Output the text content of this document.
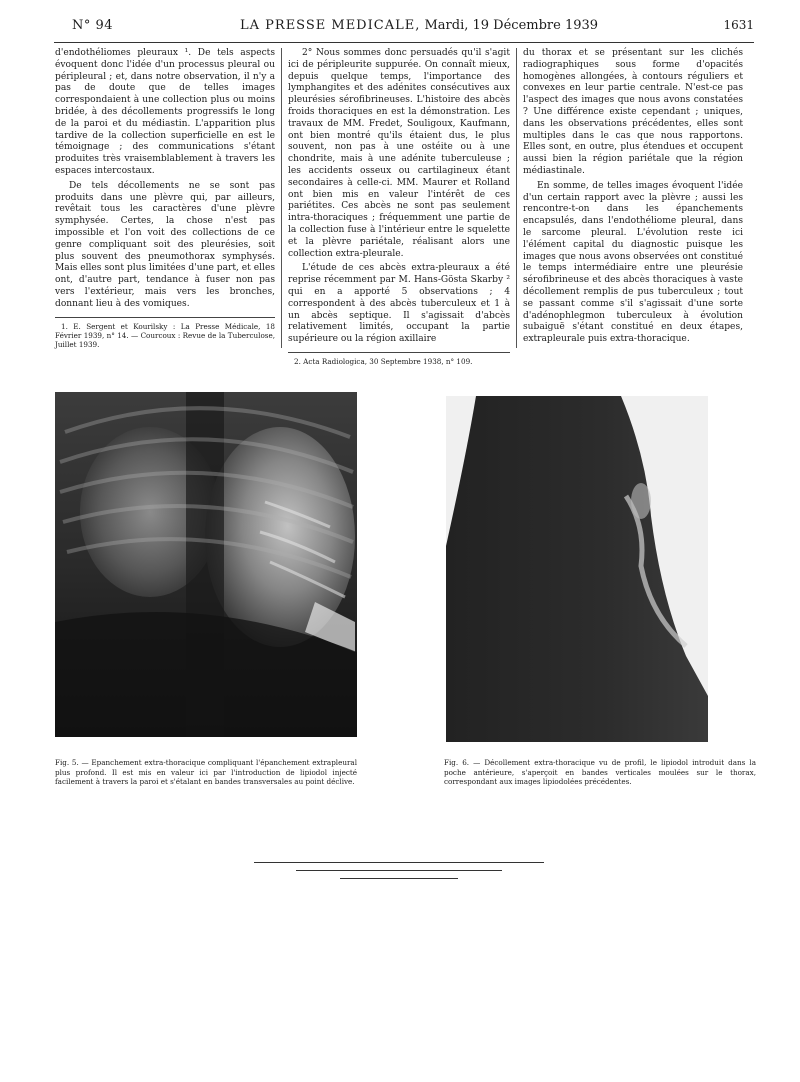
N° 94	LA PRESSE MEDICALE, Mardi, 19 Décembre 1939	1631

d'endothéliomes pleuraux ¹. De tels aspects évoquent donc l'idée d'un processus pleural ou péripleural ; et, dans notre observation, il n'y a pas de doute que de telles images correspondaient à une collection plus ou moins bridée, à des décollements progressifs le long de la paroi et du médiastin. L'apparition plus tardive de la collection superficielle en est le témoignage ; des communications s'étant produites très vraisemblablement à travers les espaces intercostaux.

De tels décollements ne se sont pas produits dans une plèvre qui, par ailleurs, revêtait tous les caractères d'une plèvre symphysée. Certes, la chose n'est pas impossible et l'on voit des collections de ce genre compliquant soit des pleurésies, soit plus souvent des pneumothorax symphysés. Mais elles sont plus limitées d'une part, et elles ont, d'autre part, tendance à fuser non pas vers l'extérieur, mais vers les bronches, donnant lieu à des vomiques.

1. E. Sergent et Kourilsky : La Presse Médicale, 18 Février 1939, n° 14. — Courcoux : Revue de la Tuberculose, Juillet 1939.

2° Nous sommes donc persuadés qu'il s'agit ici de péripleurite suppurée. On connaît mieux, depuis quelque temps, l'importance des lymphangites et des adénites consécutives aux pleurésies sérofibrineuses. L'histoire des abcès froids thoraciques en est la démonstration. Les travaux de MM. Fredet, Souligoux, Kaufmann, ont bien montré qu'ils étaient dus, le plus souvent, non pas à une ostéite ou à une chondrite, mais à une adénite tuberculeuse ; les accidents osseux ou cartilagineux étant secondaires à celle-ci. MM. Maurer et Rolland ont bien mis en valeur l'intérêt de ces pariétites. Ces abcès ne sont pas seulement intra-thoraciques ; fréquemment une partie de la collection fuse à l'intérieur entre le squelette et la plèvre pariétale, réalisant alors une collection extra-pleurale.

L'étude de ces abcès extra-pleuraux a été reprise récemment par M. Hans-Gösta Skarby ² qui en a apporté 5 observations ; 4 correspondent à des abcès tuberculeux et 1 à un abcès septique. Il s'agissait d'abcès relativement limités, occupant la partie supérieure ou la région axillaire

2. Acta Radiologica, 30 Septembre 1938, n° 109.

du thorax et se présentant sur les clichés radiographiques sous forme d'opacités homogènes allongées, à contours réguliers et convexes en leur partie centrale. N'est-ce pas l'aspect des images que nous avons constatées ? Une différence existe cependant ; uniques, dans les observations précédentes, elles sont multiples dans le cas que nous rapportons. Elles sont, en outre, plus étendues et occupent aussi bien la région pariétale que la région médiastinale.

En somme, de telles images évoquent l'idée d'un certain rapport avec la plèvre ; aussi les rencontre-t-on dans les épanchements encapsulés, dans l'endothéliome pleural, dans le sarcome pleural. L'évolution reste ici l'élément capital du diagnostic puisque les images que nous avons observées ont constitué le temps intermédiaire entre une pleurésie sérofibrineuse et des abcès thoraciques à vaste décollement remplis de pus tuberculeux ; tout se passant comme s'il s'agissait d'une sorte d'adénophlegmon tuberculeux à évolution subaiguë s'étant constitué en deux étapes, extrapleurale puis extra-thoracique.

Fig. 5. — Epanchement extra-thoracique compliquant l'épanchement extrapleural plus profond. Il est mis en valeur ici par l'introduction de lipiodol injecté facilement à travers la paroi et s'étalant en bandes transversales au point déclive.
Fig. 6. — Décollement extra-thoracique vu de profil, le lipiodol introduit dans la poche antérieure, s'aperçoit en bandes verticales moulées sur le thorax, correspondant aux images lipiodolées précédentes.
